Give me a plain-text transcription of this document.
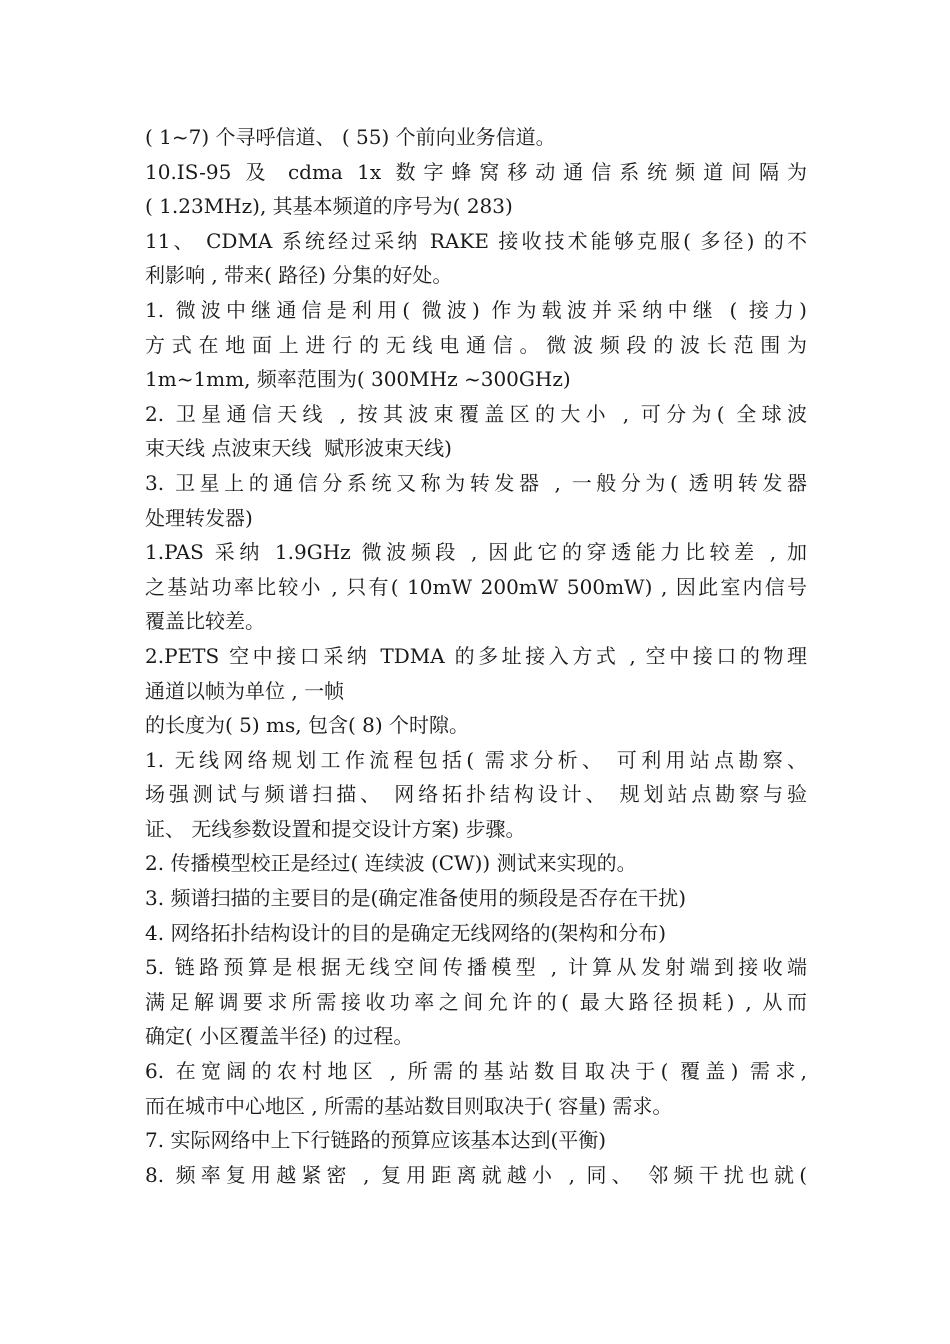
( 1~7) 个寻呼信道、 ( 55) 个前向业务信道。
10.IS-95 及 cdma 1x 数字蜂窝移动通信系统频道间隔为
( 1.23MHz), 其基本频道的序号为( 283)
11、 CDMA 系统经过采纳 RAKE 接收技术能够克服( 多径) 的不
利影响 , 带来( 路径) 分集的好处。
1. 微波中继通信是利用( 微波) 作为载波并采纳中继 ( 接力)
方式在地面上进行的无线电通信。微波频段的波长范围为
1m~1mm, 频率范围为( 300MHz ~300GHz)
2. 卫星通信天线 , 按其波束覆盖区的大小 , 可分为( 全球波
束天线 点波束天线  赋形波束天线)
3. 卫星上的通信分系统又称为转发器 , 一般分为( 透明转发器
处理转发器)
1.PAS 采纳 1.9GHz 微波频段 , 因此它的穿透能力比较差 , 加
之基站功率比较小 , 只有( 10mW 200mW 500mW) , 因此室内信号
覆盖比较差。
2.PETS 空中接口采纳 TDMA 的多址接入方式 , 空中接口的物理
通道以帧为单位 , 一帧
的长度为( 5) ms, 包含( 8) 个时隙。
1. 无线网络规划工作流程包括( 需求分析、 可利用站点勘察、
场强测试与频谱扫描、 网络拓扑结构设计、 规划站点勘察与验
证、 无线参数设置和提交设计方案) 步骤。
2. 传播模型校正是经过( 连续波 (CW)) 测试来实现的。
3. 频谱扫描的主要目的是(确定准备使用的频段是否存在干扰)
4. 网络拓扑结构设计的目的是确定无线网络的(架构和分布)
5. 链路预算是根据无线空间传播模型 , 计算从发射端到接收端
满足解调要求所需接收功率之间允许的( 最大路径损耗) , 从而
确定( 小区覆盖半径) 的过程。
6. 在宽阔的农村地区 , 所需的基站数目取决于( 覆盖) 需求,
而在城市中心地区 , 所需的基站数目则取决于( 容量) 需求。
7. 实际网络中上下行链路的预算应该基本达到(平衡)
8. 频率复用越紧密 , 复用距离就越小 , 同、 邻频干扰也就(
